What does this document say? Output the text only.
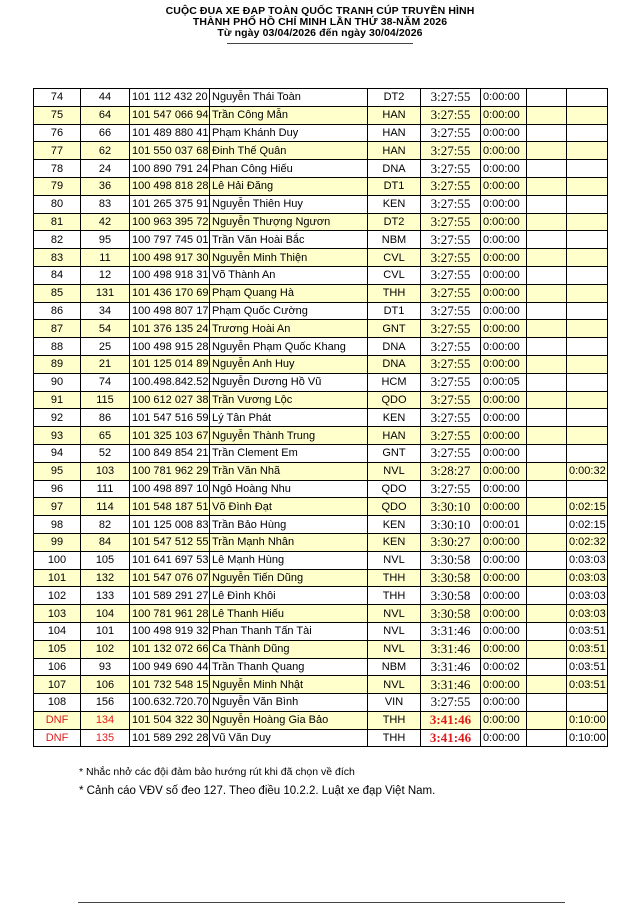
CUỘC ĐUA XE ĐẠP TOÀN QUỐC TRANH CÚP TRUYỀN HÌNH
THÀNH PHỐ HỒ CHÍ MINH LẦN THỨ 38-NĂM 2026
Từ ngày 03/04/2026 đến ngày 30/04/2026
74	44	101 112 432 20	Nguyễn Thái Toàn	DT2	3:27:55	0:00:00		
75	64	101 547 066 94	Trần Công Mẫn	HAN	3:27:55	0:00:00		
76	66	101 489 880 41	Phạm Khánh Duy	HAN	3:27:55	0:00:00		
77	62	101 550 037 68	Đinh Thế Quân	HAN	3:27:55	0:00:00		
78	24	100 890 791 24	Phan Công Hiếu	DNA	3:27:55	0:00:00		
79	36	100 498 818 28	Lê Hải Đăng	DT1	3:27:55	0:00:00		
80	83	101 265 375 91	Nguyễn Thiên Huy	KEN	3:27:55	0:00:00		
81	42	100 963 395 72	Nguyễn Thượng Ngươn	DT2	3:27:55	0:00:00		
82	95	100 797 745 01	Trần Văn Hoài Bắc	NBM	3:27:55	0:00:00		
83	11	100 498 917 30	Nguyễn Minh Thiện	CVL	3:27:55	0:00:00		
84	12	100 498 918 31	Võ Thành An	CVL	3:27:55	0:00:00		
85	131	101 436 170 69	Phạm Quang Hà	THH	3:27:55	0:00:00		
86	34	100 498 807 17	Phạm Quốc Cường	DT1	3:27:55	0:00:00		
87	54	101 376 135 24	Trương Hoài An	GNT	3:27:55	0:00:00		
88	25	100 498 915 28	Nguyễn Phạm Quốc Khang	DNA	3:27:55	0:00:00		
89	21	101 125 014 89	Nguyễn Anh Huy	DNA	3:27:55	0:00:00		
90	74	100.498.842.52	Nguyễn Dương Hồ Vũ	HCM	3:27:55	0:00:05		
91	115	100 612 027 38	Trần Vương Lộc	QDO	3:27:55	0:00:00		
92	86	101 547 516 59	Lý Tân Phát	KEN	3:27:55	0:00:00		
93	65	101 325 103 67	Nguyễn Thành Trung	HAN	3:27:55	0:00:00		
94	52	100 849 854 21	Trần Clement Em	GNT	3:27:55	0:00:00		
95	103	100 781 962 29	Trần Văn Nhã	NVL	3:28:27	0:00:00		0:00:32
96	111	100 498 897 10	Ngô Hoàng Nhu	QDO	3:27:55	0:00:00		
97	114	101 548 187 51	Võ Đình Đạt	QDO	3:30:10	0:00:00		0:02:15
98	82	101 125 008 83	Trần Bảo Hùng	KEN	3:30:10	0:00:01		0:02:15
99	84	101 547 512 55	Trần Mạnh Nhân	KEN	3:30:27	0:00:00		0:02:32
100	105	101 641 697 53	Lê Mạnh Hùng	NVL	3:30:58	0:00:00		0:03:03
101	132	101 547 076 07	Nguyễn Tiến Dũng	THH	3:30:58	0:00:00		0:03:03
102	133	101 589 291 27	Lê Đình Khôi	THH	3:30:58	0:00:00		0:03:03
103	104	100 781 961 28	Lê Thanh Hiếu	NVL	3:30:58	0:00:00		0:03:03
104	101	100 498 919 32	Phan Thanh Tấn Tài	NVL	3:31:46	0:00:00		0:03:51
105	102	101 132 072 66	Ca Thành Dũng	NVL	3:31:46	0:00:00		0:03:51
106	93	100 949 690 44	Trần Thanh Quang	NBM	3:31:46	0:00:02		0:03:51
107	106	101 732 548 15	Nguyễn Minh Nhật	NVL	3:31:46	0:00:00		0:03:51
108	156	100.632.720.70	Nguyễn Văn Bình	VIN	3:27:55	0:00:00		
DNF	134	101 504 322 30	Nguyễn Hoàng Gia Bảo	THH	3:41:46	0:00:00		0:10:00
DNF	135	101 589 292 28	Vũ Văn Duy	THH	3:41:46	0:00:00		0:10:00
* Nhắc nhở các đội đảm bảo hướng rút khi đã chọn về đích
* Cảnh cáo VĐV số đeo 127. Theo điều 10.2.2. Luật xe đạp Việt Nam.
